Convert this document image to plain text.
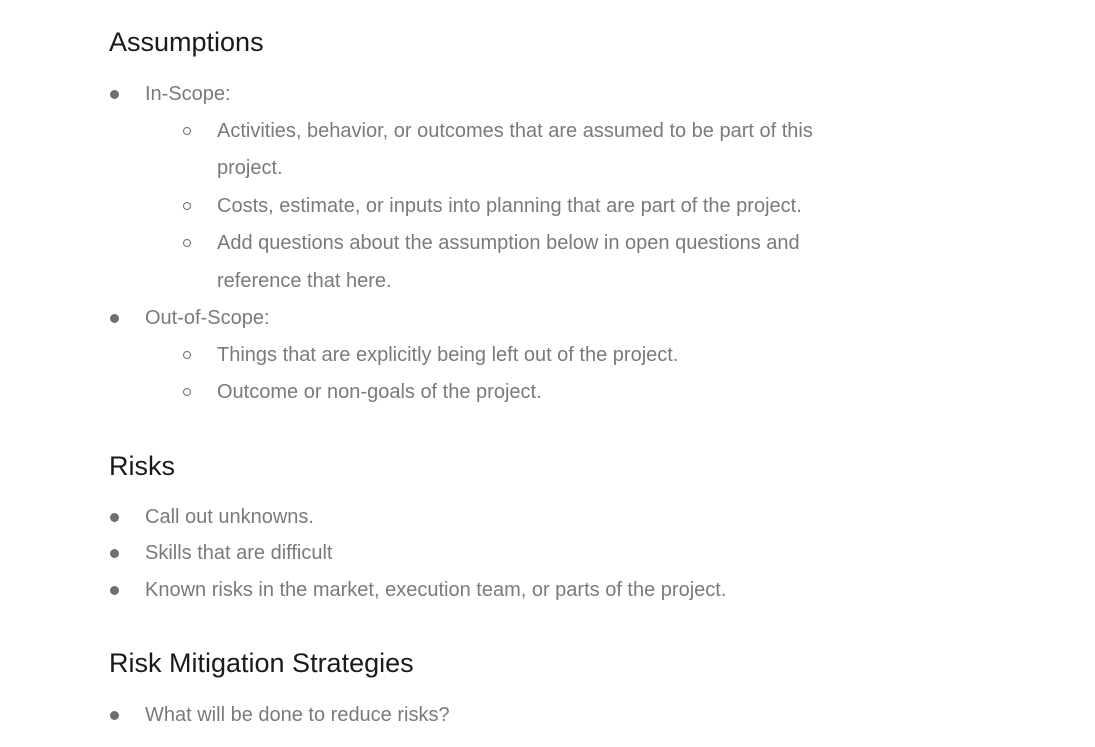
Assumptions
In-Scope:
Activities, behavior, or outcomes that are assumed to be part of this
project.
Costs, estimate, or inputs into planning that are part of the project.
Add questions about the assumption below in open questions and
reference that here.
Out-of-Scope:
Things that are explicitly being left out of the project.
Outcome or non-goals of the project.
Risks
Call out unknowns.
Skills that are difficult
Known risks in the market, execution team, or parts of the project.
Risk Mitigation Strategies
What will be done to reduce risks?
